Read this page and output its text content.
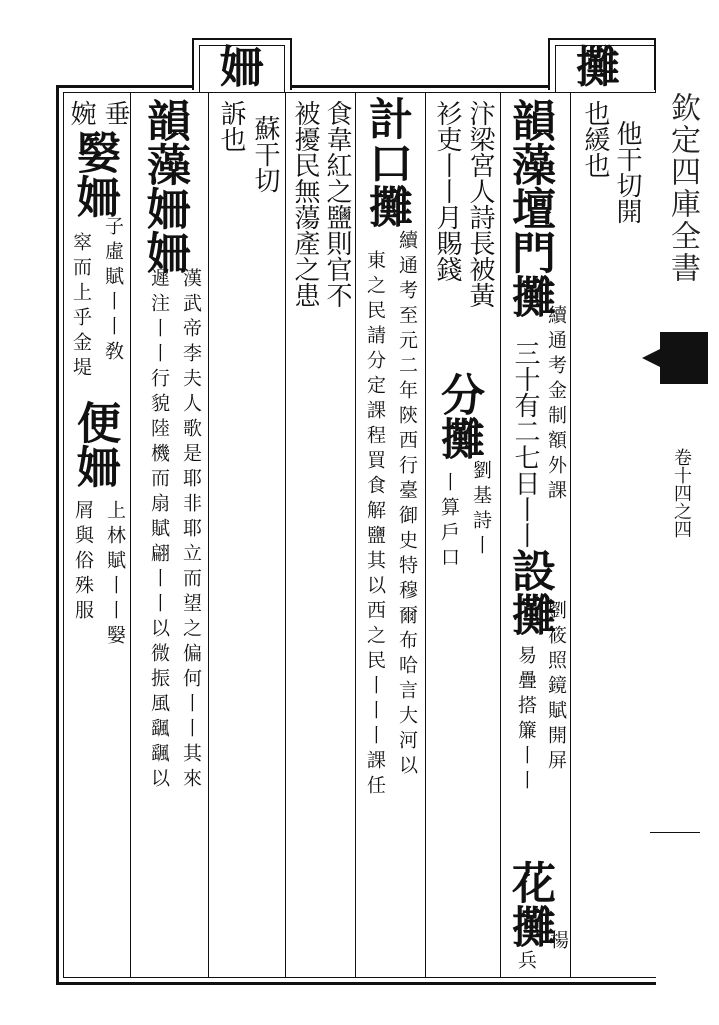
欽定四庫全書
卷十四之四
姍	攤
也緩也 他干切開
韻藻壇門攤
續通考金制額外課
三十有二七日丨丨
設攤
劉筱照鏡賦開屏
易疊搭簾丨丨
花攤
楊
兵
汴梁宮人詩長被黃
分攤
劉基詩丨
衫吏丨丨月賜錢
丨算戶口
計口攤
續通考至元二年陝西行臺御史特穆爾布哈言大河以
東之民請分定課程買食解鹽其以西之民丨丨丨課任
食韋紅之鹽則官不
被擾民無蕩產之患
蘇干切
訴也
韻藻姍姍
漢武帝李夫人歌是耶非耶立而望之偏何丨丨其來
遲注丨丨行貌陸機而扇賦翩丨丨以微振風颻颻以
垂
嫛姍
子虛賦丨丨敎
婉
窣而上乎金堤
便姍
上林賦丨丨嫛
屑與俗殊服
